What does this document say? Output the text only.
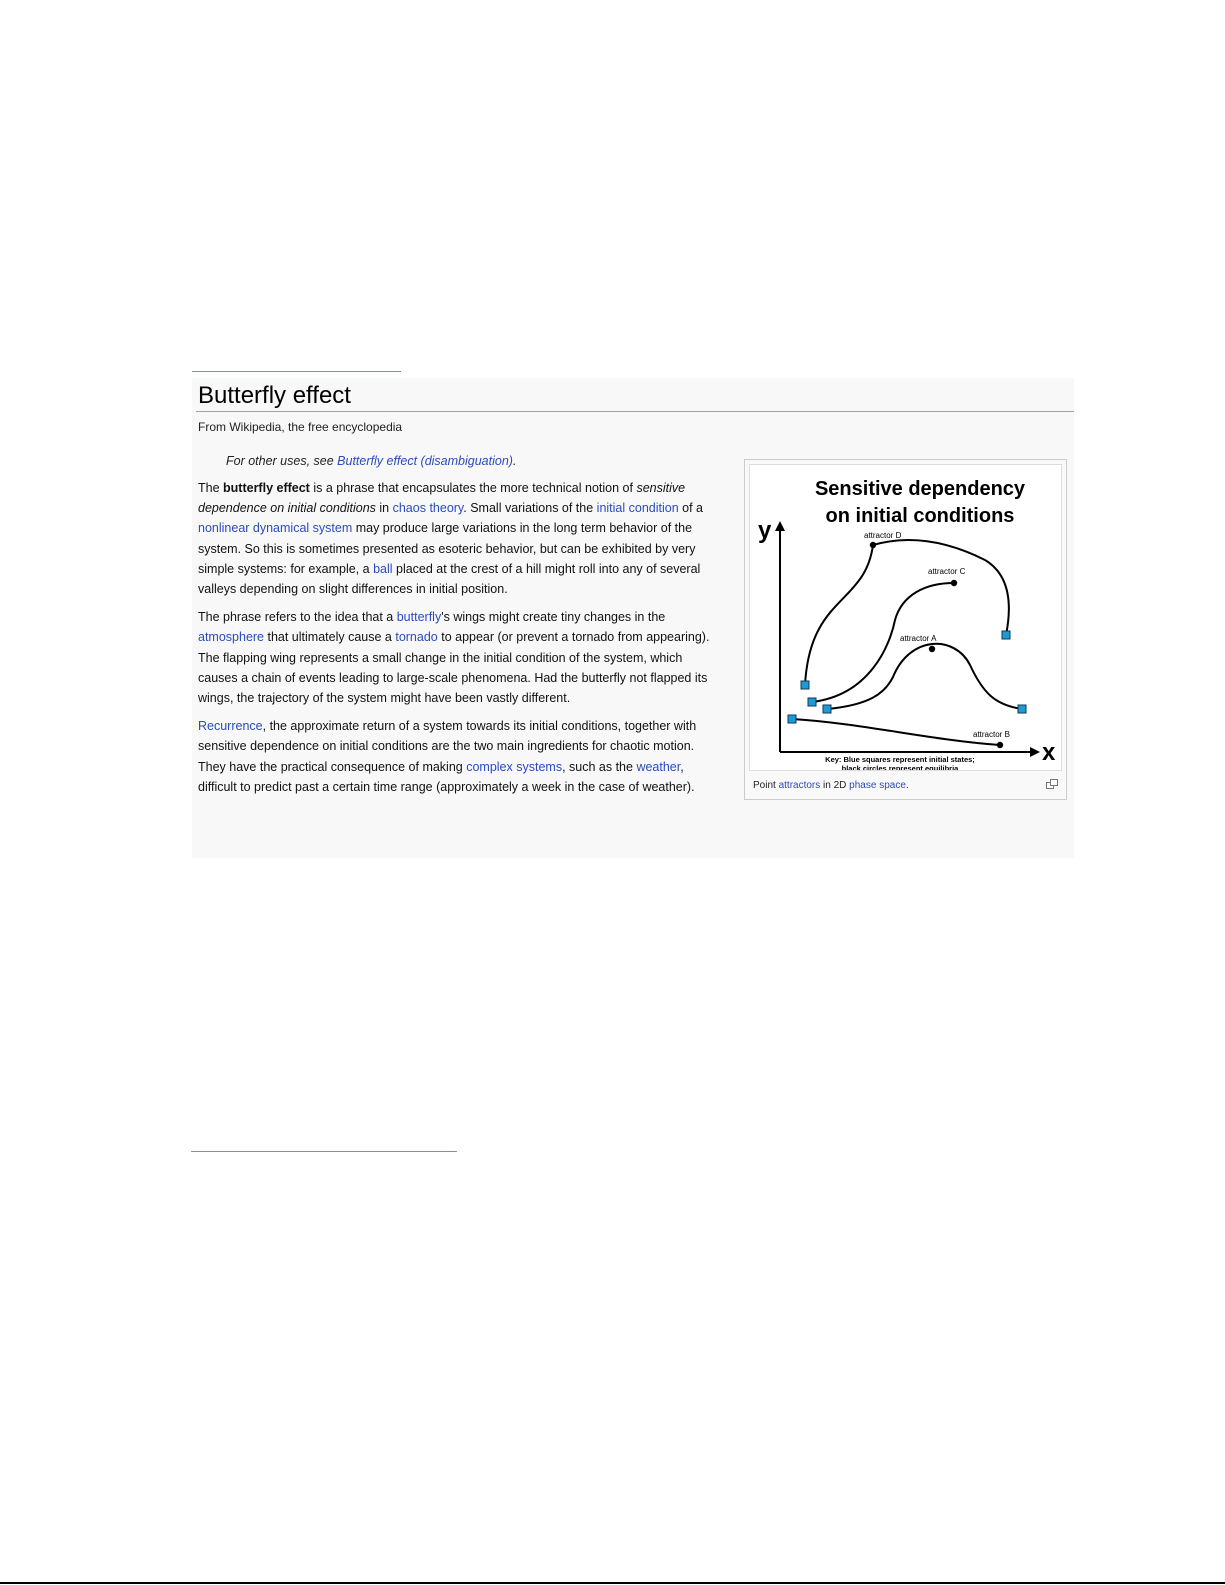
Butterfly effect
From Wikipedia, the free encyclopedia
For other uses, see Butterfly effect (disambiguation).

The butterfly effect is a phrase that encapsulates the more technical notion of sensitive dependence on initial conditions in chaos theory. Small variations of the initial condition of a nonlinear dynamical system may produce large variations in the long term behavior of the system. So this is sometimes presented as esoteric behavior, but can be exhibited by very simple systems: for example, a ball placed at the crest of a hill might roll into any of several valleys depending on slight differences in initial position.

The phrase refers to the idea that a butterfly's wings might create tiny changes in the atmosphere that ultimately cause a tornado to appear (or prevent a tornado from appearing). The flapping wing represents a small change in the initial condition of the system, which causes a chain of events leading to large-scale phenomena. Had the butterfly not flapped its wings, the trajectory of the system might have been vastly different.

Recurrence, the approximate return of a system towards its initial conditions, together with sensitive dependence on initial conditions are the two main ingredients for chaotic motion. They have the practical consequence of making complex systems, such as the weather, difficult to predict past a certain time range (approximately a week in the case of weather).

Sensitive dependency
on initial conditions
y
x
attractor D
attractor C
attractor A
attractor B
Key: Blue squares represent initial states;
black circles represent equilibria
Point attractors in 2D phase space.
